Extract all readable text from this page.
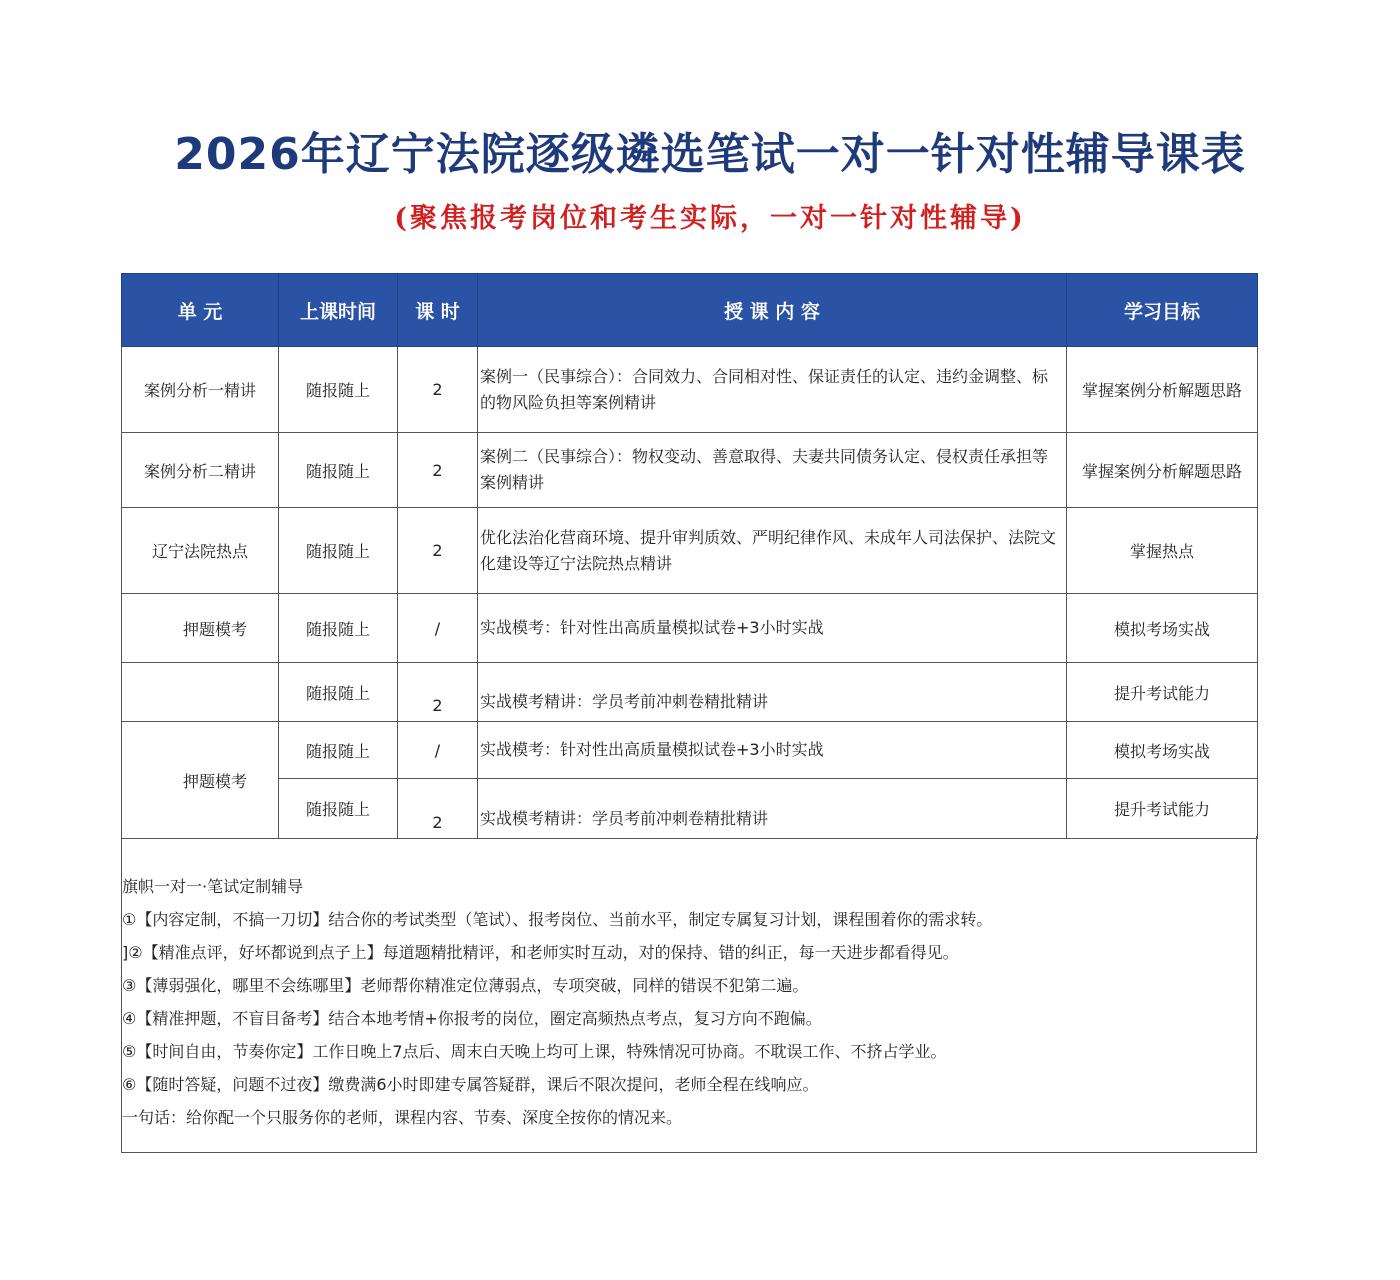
2026年辽宁法院逐级遴选笔试一对一针对性辅导课表
(聚焦报考岗位和考生实际，一对一针对性辅导)
单 元	上课时间	课 时	授 课 内 容	学习目标
案例分析一精讲	随报随上	2	案例一（民事综合）：合同效力、合同相对性、保证责任的认定、违约金调整、标的物风险负担等案例精讲	掌握案例分析解题思路
案例分析二精讲	随报随上	2	案例二（民事综合）：物权变动、善意取得、夫妻共同债务认定、侵权责任承担等案例精讲	掌握案例分析解题思路
辽宁法院热点	随报随上	2	优化法治化营商环境、提升审判质效、严明纪律作风、未成年人司法保护、法院文化建设等辽宁法院热点精讲	掌握热点
押题模考	随报随上	/	实战模考：针对性出高质量模拟试卷+3小时实战	模拟考场实战
	随报随上	2	实战模考精讲：学员考前冲刺卷精批精讲	提升考试能力
押题模考	随报随上	/	实战模考：针对性出高质量模拟试卷+3小时实战	模拟考场实战
	随报随上	2	实战模考精讲：学员考前冲刺卷精批精讲	提升考试能力
旗帜一对一·笔试定制辅导
①【内容定制，不搞一刀切】结合你的考试类型（笔试）、报考岗位、当前水平，制定专属复习计划，课程围着你的需求转。
]②【精准点评，好坏都说到点子上】每道题精批精评，和老师实时互动，对的保持、错的纠正，每一天进步都看得见。
③【薄弱强化，哪里不会练哪里】老师帮你精准定位薄弱点，专项突破，同样的错误不犯第二遍。
④【精准押题，不盲目备考】结合本地考情+你报考的岗位，圈定高频热点考点，复习方向不跑偏。
⑤【时间自由，节奏你定】工作日晚上7点后、周末白天晚上均可上课，特殊情况可协商。不耽误工作、不挤占学业。
⑥【随时答疑，问题不过夜】缴费满6小时即建专属答疑群，课后不限次提问，老师全程在线响应。
一句话：给你配一个只服务你的老师，课程内容、节奏、深度全按你的情况来。
